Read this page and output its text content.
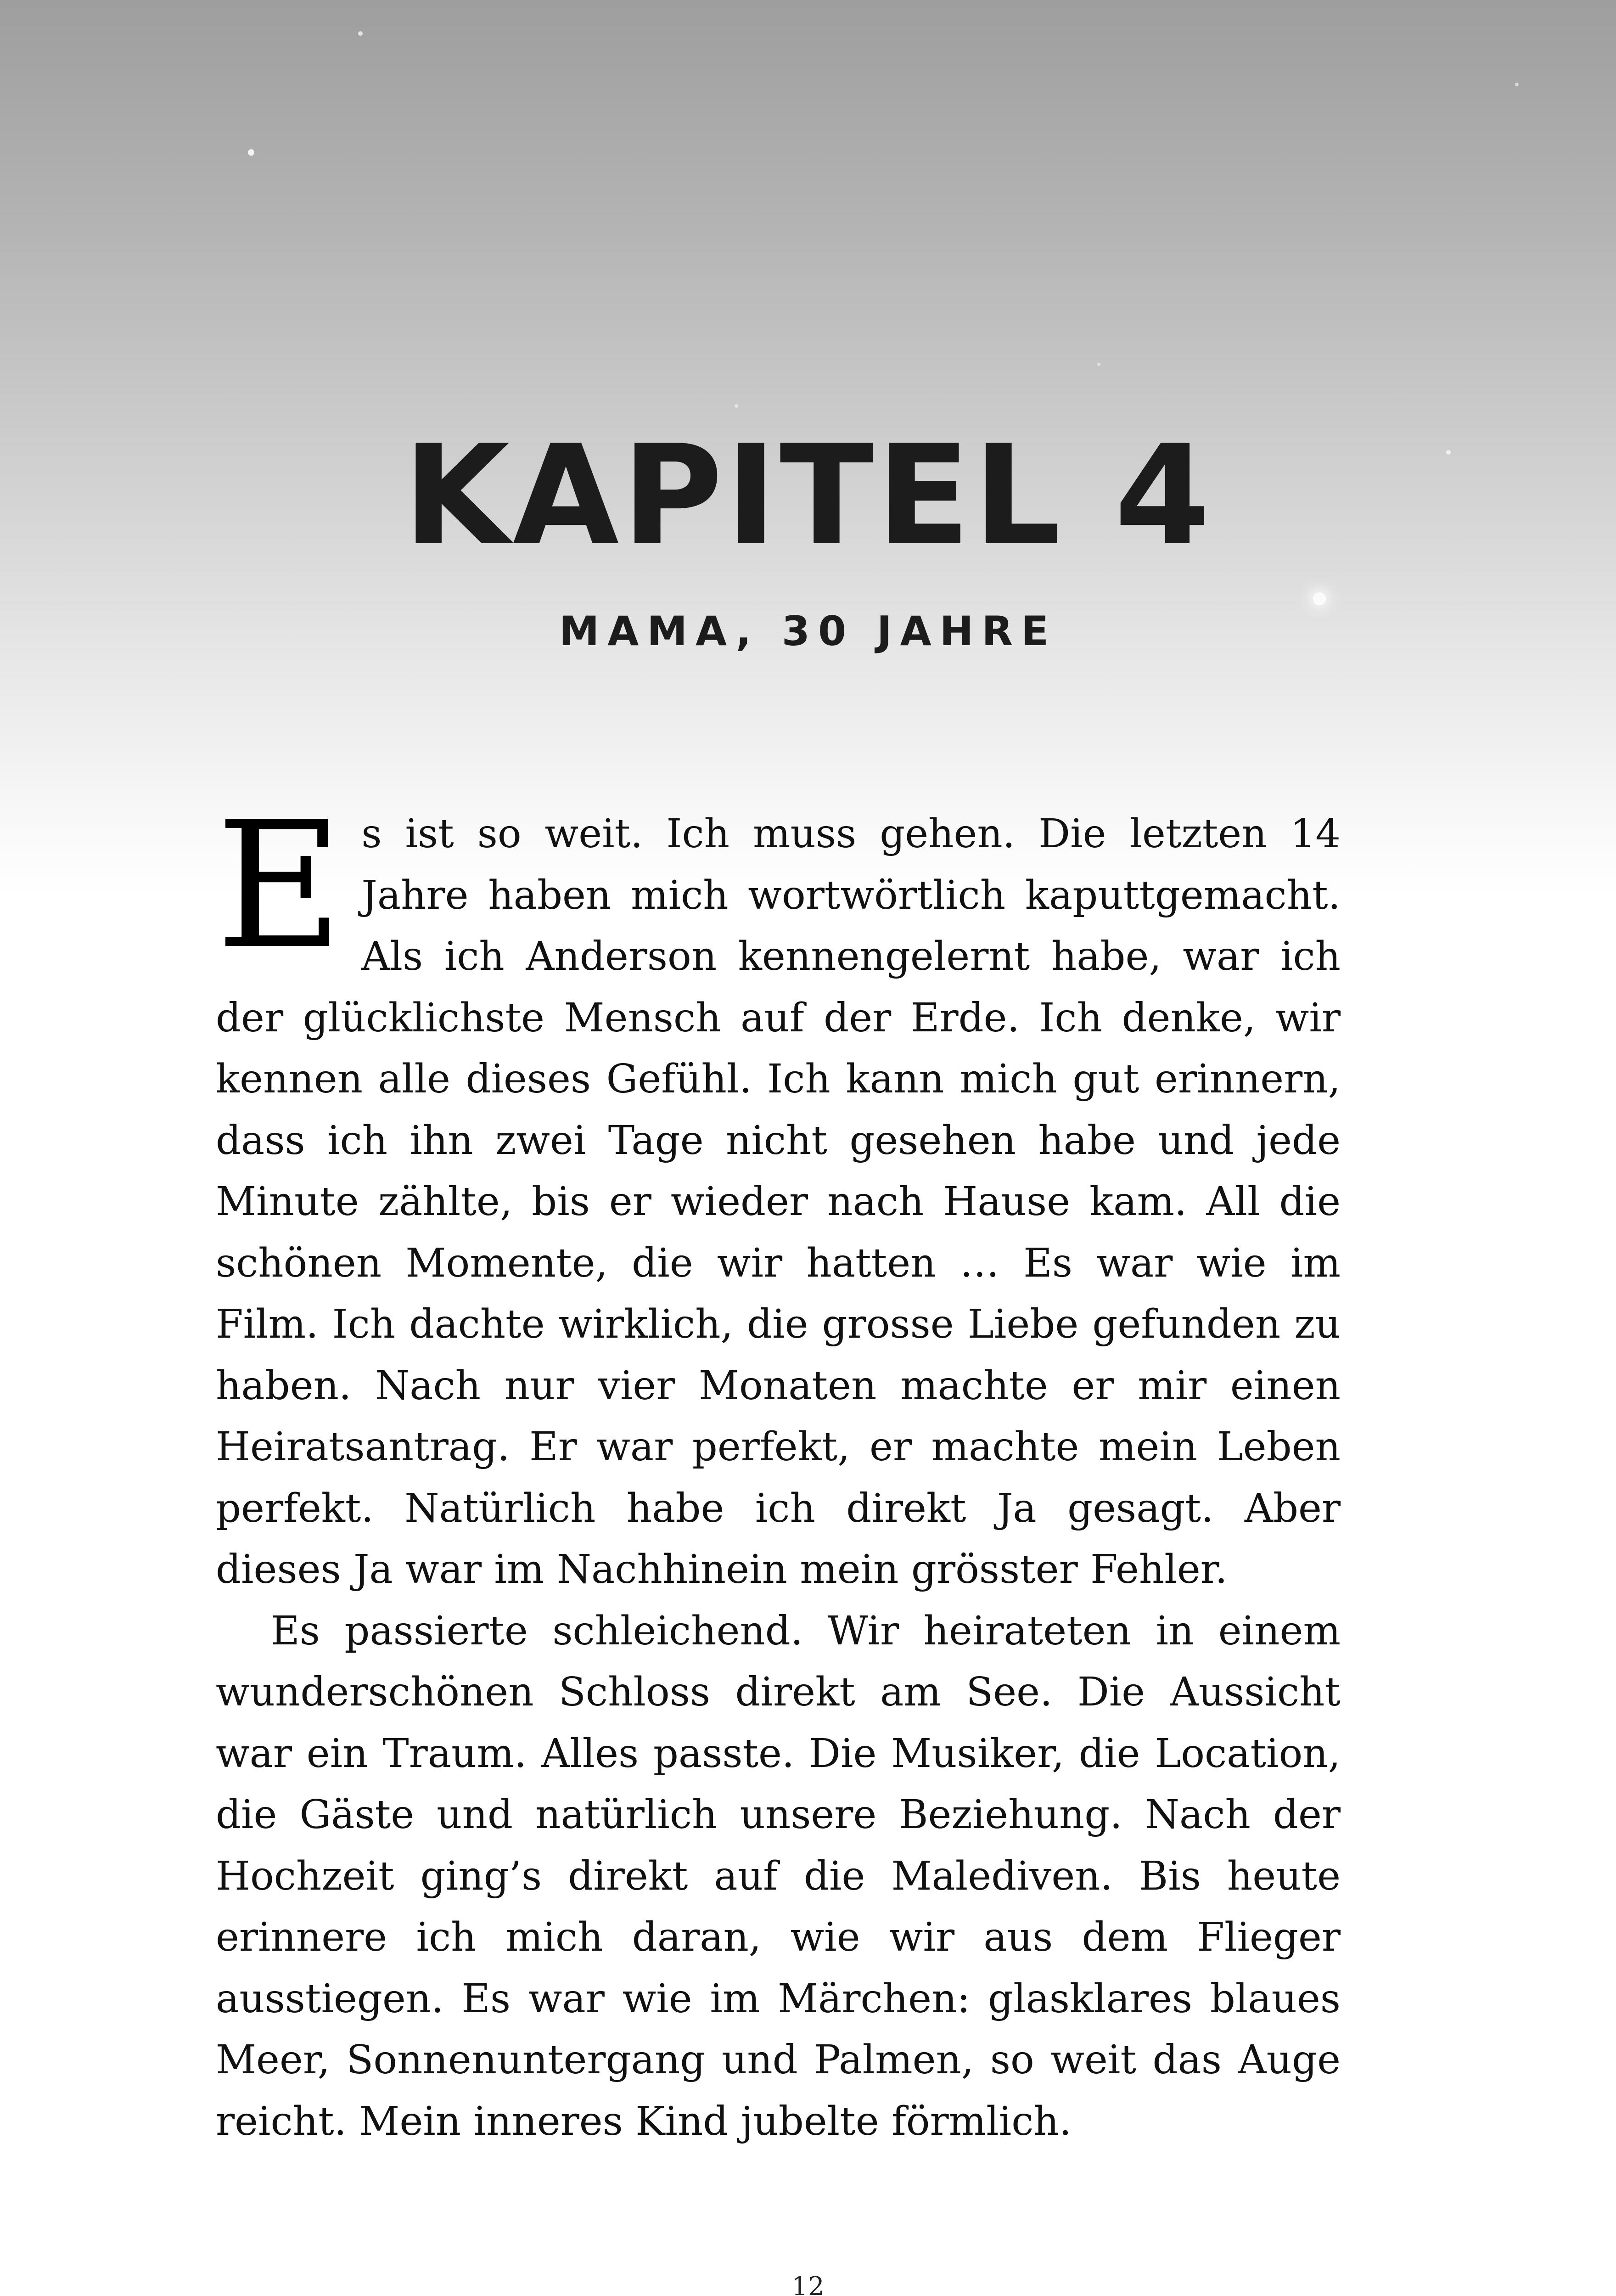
KAPITEL 4
MAMA, 30 JAHRE

Es ist so weit. Ich muss gehen. Die letzten 14 Jahre haben mich wortwörtlich kaputtgemacht. Als ich Anderson kennengelernt habe, war ich der glücklichste Mensch auf der Erde. Ich denke, wir kennen alle dieses Gefühl. Ich kann mich gut erinnern, dass ich ihn zwei Tage nicht gesehen habe und jede Minute zählte, bis er wieder nach Hause kam. All die schönen Momente, die wir hatten … Es war wie im Film. Ich dachte wirklich, die grosse Liebe gefunden zu haben. Nach nur vier Monaten machte er mir einen Heiratsantrag. Er war perfekt, er machte mein Leben perfekt. Natürlich habe ich direkt Ja gesagt. Aber dieses Ja war im Nachhinein mein grösster Fehler.

Es passierte schleichend. Wir heirateten in einem wunderschönen Schloss direkt am See. Die Aussicht war ein Traum. Alles passte. Die Musiker, die Location, die Gäste und natürlich unsere Beziehung. Nach der Hochzeit ging’s direkt auf die Malediven. Bis heute erinnere ich mich daran, wie wir aus dem Flieger ausstiegen. Es war wie im Märchen: glasklares blaues Meer, Sonnenuntergang und Palmen, so weit das Auge reicht. Mein inneres Kind jubelte förmlich.

12
